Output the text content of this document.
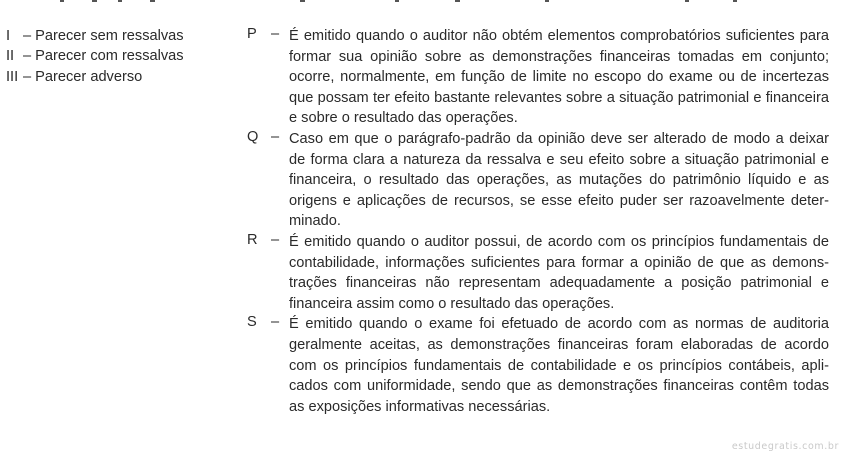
I – Parecer sem ressalvas
II – Parecer com ressalvas
III – Parecer adverso
P – É emitido quando o auditor não obtém elementos comprobatórios suficientes para formar sua opinião sobre as demonstrações financeiras tomadas em conjunto; ocorre, normalmente, em função de limite no escopo do exame ou de incertezas que possam ter efeito bastante relevantes sobre a situação patrimonial e financeira e sobre o resultado das operações.
Q – Caso em que o parágrafo-padrão da opinião deve ser alterado de modo a deixar de forma clara a natureza da ressalva e seu efeito sobre a situação patrimonial e financeira, o resultado das operações, as mutações do patrimônio líquido e as origens e aplicações de recursos, se esse efeito puder ser razoavelmente determinado.
R – É emitido quando o auditor possui, de acordo com os princípios fundamentais de contabilidade, informações suficientes para formar a opinião de que as demonstrações financeiras não representam adequadamente a posição patrimonial e financeira assim como o resultado das operações.
S – É emitido quando o exame foi efetuado de acordo com as normas de auditoria geralmente aceitas, as demonstrações financeiras foram elaboradas de acordo com os princípios fundamentais de contabilidade e os princípios contábeis, aplicados com uniformidade, sendo que as demonstrações financeiras contêm todas as exposições informativas necessárias.
estudegratis.com.br
